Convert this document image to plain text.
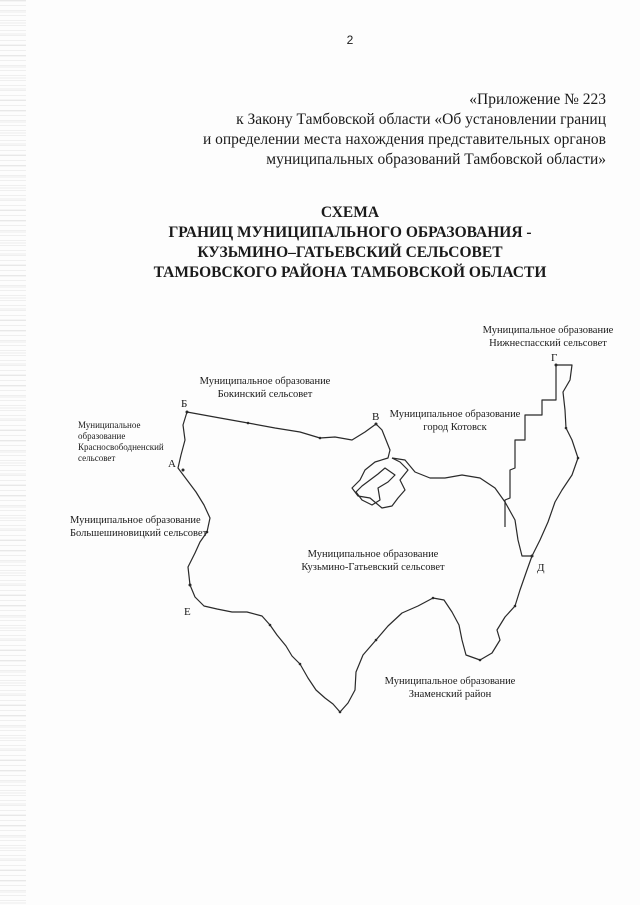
2
«Приложение № 223
к Закону Тамбовской области «Об установлении границ
и определении места нахождения представительных органов
муниципальных образований Тамбовской области»
СХЕМА
ГРАНИЦ МУНИЦИПАЛЬНОГО ОБРАЗОВАНИЯ -
КУЗЬМИНО–ГАТЬЕВСКИЙ СЕЛЬСОВЕТ
ТАМБОВСКОГО РАЙОНА ТАМБОВСКОЙ ОБЛАСТИ
Муниципальное образование
Нижнеспасский сельсовет
Муниципальное образование
Бокинский сельсовет
Муниципальное образование
город Котовск
Муниципальное
образование
Красносвободненский
сельсовет
Муниципальное образование
Большешиновицкий сельсовет
Муниципальное образование
Кузьмино-Гатьевский сельсовет
Муниципальное образование
Знаменский район
Б
В
А
Г
Д
Е
